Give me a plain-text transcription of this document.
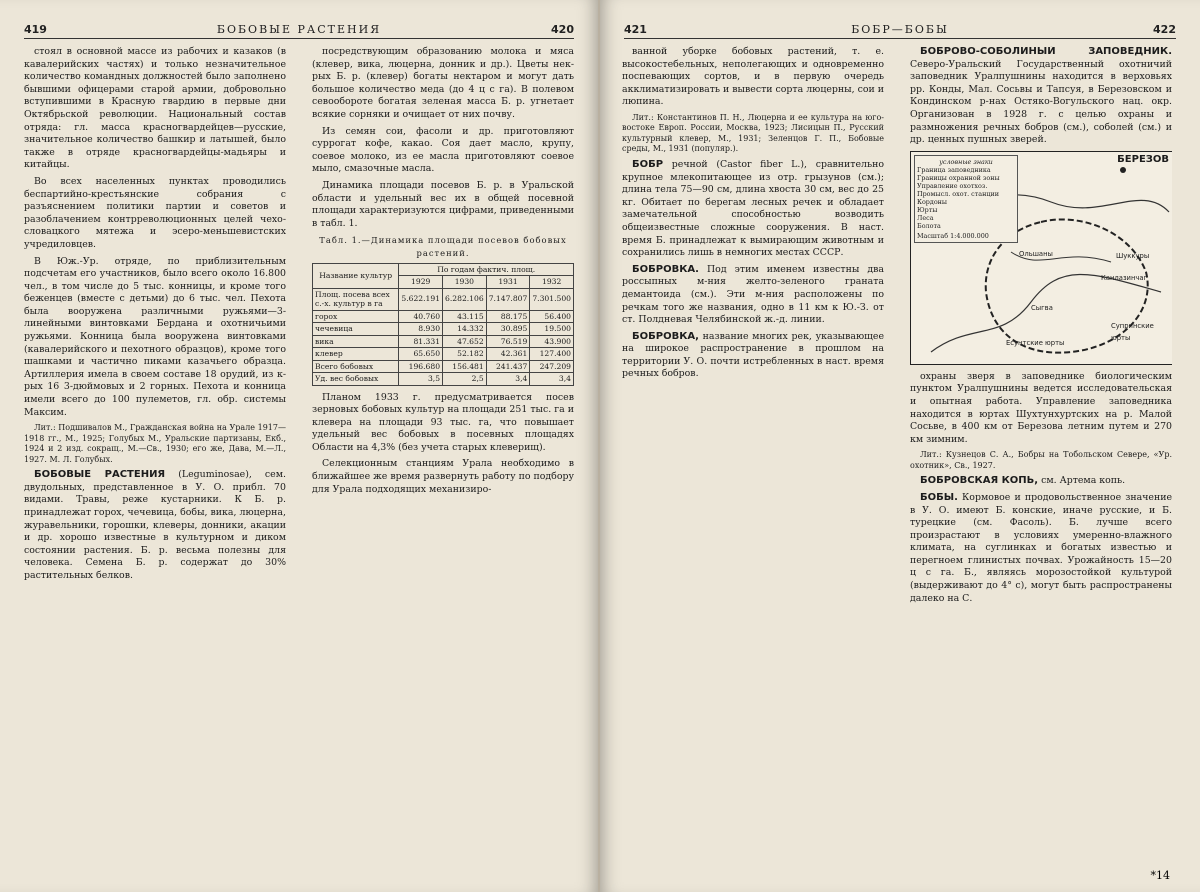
419	БОБОВЫЕ РАСТЕНИЯ	420

стоял в основной массе из рабочих и казаков (в кавалерийских частях) и только незначительное количество командных должностей было заполнено бывшими офицерами старой армии, добровольно вступившими в Красную гвардию в первые дни Октябрьской революции. Национальный состав отряда: гл. масса красногвардейцев—русские, значительное количество башкир и латышей, было также в отряде красногвардейцы-мадьяры и китайцы.

Во всех населенных пунктах проводились беспартийно-крестьянские собрания с разъяснением политики партии и советов и разоблачением контрреволюционных целей чехо-словацкого мятежа и эсеро-меньшевистских учредиловцев.

В Юж.-Ур. отряде, по приблизительным подсчетам его участников, было всего около 16.800 чел., в том числе до 5 тыс. конницы, и кроме того беженцев (вместе с детьми) до 6 тыс. чел. Пехота была вооружена различными ружьями—3-линейными винтовками Бердана и охотничьими ружьями. Конница была вооружена винтовками (кавалерийского и пехотного образцов), кроме того шашками и частично пиками казачьего образца. Артиллерия имела в своем составе 18 орудий, из к-рых 16 3-дюймовых и 2 горных. Пехота и конница имели всего до 100 пулеметов, гл. обр. системы Максим.

Лит.: Подшивалов М., Гражданская война на Урале 1917—1918 гг., М., 1925; Голубых М., Уральские партизаны, Екб., 1924 и 2 изд. сокращ., М.—Св., 1930; его же, Дава, М.—Л., 1927. М. Л. Голубых.

БОБОВЫЕ РАСТЕНИЯ (Leguminosae), сем. двудольных, представленное в У. О. прибл. 70 видами. Травы, реже кустарники. К Б. р. принадлежат горох, чечевица, бобы, вика, люцерна, журавельники, горошки, клеверы, донники, акации и др. хорошо известные в культурном и диком состоянии растения. Б. р. весьма полезны для человека. Семена Б. р. содержат до 30% растительных белков.

посредствующим образованию молока и мяса (клевер, вика, люцерна, донник и др.). Цветы нек-рых Б. р. (клевер) богаты нектаром и могут дать большое количество меда (до 4 ц с га). В полевом севообороте богатая зеленая масса Б. р. угнетает всякие сорняки и очищает от них почву.

Из семян сои, фасоли и др. приготовляют суррогат кофе, какао. Соя дает масло, крупу, соевое молоко, из ее масла приготовляют соевое мыло, смазочные масла.

Динамика площади посевов Б. р. в Уральской области и удельный вес их в общей посевной площади характеризуются цифрами, приведенными в табл. 1.

Табл. 1.—Динамика площади посевов бобовых растений.
Название культур	По годам фактич. площ.			
	1929	1930	1931	1932
Площ. посева всех с.-х. культур в га	5.622.191	6.282.106	7.147.807	7.301.500
горох	40.760	43.115	88.175	56.400
чечевица	8.930	14.332	30.895	19.500
вика	81.331	47.652	76.519	43.900
клевер	65.650	52.182	42.361	127.400
Всего бобовых	196.680	156.481	241.437	247.209
Уд. вес бобовых	3,5	2,5	3,4	3,4

Планом 1933 г. предусматривается посев зерновых бобовых культур на площади 251 тыс. га и клевера на площади 93 тыс. га, что повышает удельный вес бобовых в посевных площадях Области на 4,3% (без учета старых клеверищ).

Селекционным станциям Урала необходимо в ближайшее же время развернуть работу по подбору для Урала подходящих механизиро-

421	БОБР—БОБЫ	422

ванной уборке бобовых растений, т. е. высокостебельных, неполегающих и одновременно поспевающих сортов, и в первую очередь акклиматизировать и вывести сорта люцерны, сои и люпина.

Лит.: Константинов П. Н., Люцерна и ее культура на юго-востоке Европ. России, Москва, 1923; Лисицын П., Русский культурный клевер, М., 1931; Зеленцов Г. П., Бобовые среды, М., 1931 (популяр.).

БОБР речной (Castor fiber L.), сравнительно крупное млекопитающее из отр. грызунов (см.); длина тела 75—90 см, длина хвоста 30 см, вес до 25 кг. Обитает по берегам лесных речек и обладает замечательной способностью возводить общеизвестные сложные сооружения. В наст. время Б. принадлежат к вымирающим животным и сохранились лишь в немногих местах СССР.

БОБРОВКА. Под этим именем известны два россыпных м-ния желто-зеленого граната демантоида (см.). Эти м-ния расположены по речкам того же названия, одно в 11 км к Ю.-З. от ст. Полдневая Челябинской ж.-д. линии.

БОБРОВКА, название многих рек, указывающее на широкое распространение в прошлом на территории У. О. почти истребленных в наст. время речных бобров.

БОБРОВО-СОБОЛИНЫЙ ЗАПОВЕДНИК. Северо-Уральский Государственный охотничий заповедник Уралпушнины находится в верховьях рр. Конды, Мал. Сосьвы и Тапсуя, в Березовском и Кондинском р-нах Остяко-Вогульского нац. окр. Организован в 1928 г. с целью охраны и размножения речных бобров (см.), соболей (см.) и др. ценных пушных зверей.

БЕРЕЗОВ
условные знаки
Граница заповедника
Границы охранной зоны
Управление охотхоз.
Промысл. охот. станции
Кордоны
Юрты
Леса
Болота
Масштаб 1:4.000.000
Ольшаны
Канлазинчаг
Сыгва
Есунтские юрты
Супринские юрты
Шуккуры

охраны зверя в заповеднике биологическим пунктом Уралпушнины ведется исследовательская и опытная работа. Управление заповедника находится в юртах Шухтунхуртских на р. Малой Сосьве, в 400 км от Березова летним путем и 270 км зимним.

Лит.: Кузнецов С. А., Бобры на Тобольском Севере, «Ур. охотник», Св., 1927.

БОБРОВСКАЯ КОПЬ, см. Артема копь.

БОБЫ. Кормовое и продовольственное значение в У. О. имеют Б. конские, иначе русские, и Б. турецкие (см. Фасоль). Б. лучше всего произрастают в условиях умеренно-влажного климата, на суглинках и богатых известью и перегноем глинистых почвах. Урожайность 15—20 ц с га. Б., являясь морозостойкой культурой (выдерживают до 4° с), могут быть распространены далеко на С.

*14
